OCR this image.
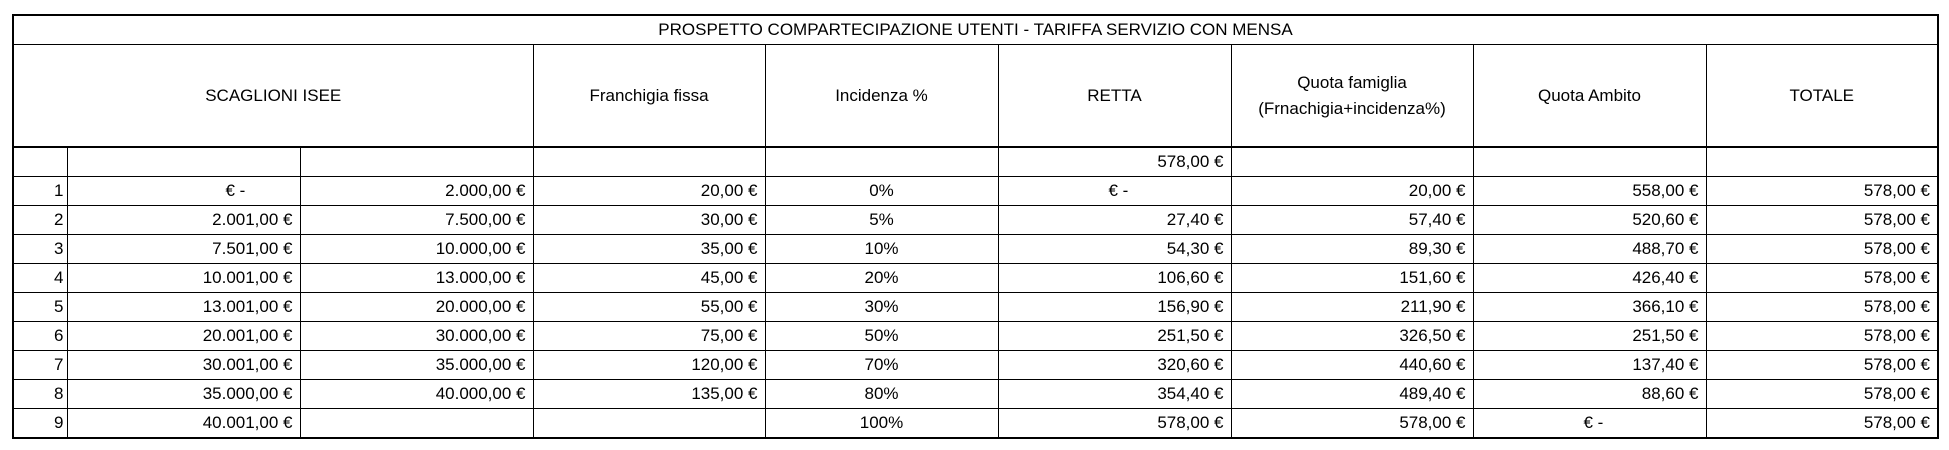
PROSPETTO COMPARTECIPAZIONE UTENTI - TARIFFA SERVIZIO CON MENSA								
SCAGLIONI ISEE			Franchigia fissa	Incidenza %	RETTA	Quota famiglia
(Frnachigia+incidenza%)	Quota Ambito	TOTALE
					578,00 €			
1	€ -	2.000,00 €	20,00 €	0%	€ -	20,00 €	558,00 €	578,00 €
2	2.001,00 €	7.500,00 €	30,00 €	5%	27,40 €	57,40 €	520,60 €	578,00 €
3	7.501,00 €	10.000,00 €	35,00 €	10%	54,30 €	89,30 €	488,70 €	578,00 €
4	10.001,00 €	13.000,00 €	45,00 €	20%	106,60 €	151,60 €	426,40 €	578,00 €
5	13.001,00 €	20.000,00 €	55,00 €	30%	156,90 €	211,90 €	366,10 €	578,00 €
6	20.001,00 €	30.000,00 €	75,00 €	50%	251,50 €	326,50 €	251,50 €	578,00 €
7	30.001,00 €	35.000,00 €	120,00 €	70%	320,60 €	440,60 €	137,40 €	578,00 €
8	35.000,00 €	40.000,00 €	135,00 €	80%	354,40 €	489,40 €	88,60 €	578,00 €
9	40.001,00 €			100%	578,00 €	578,00 €	€ -	578,00 €
